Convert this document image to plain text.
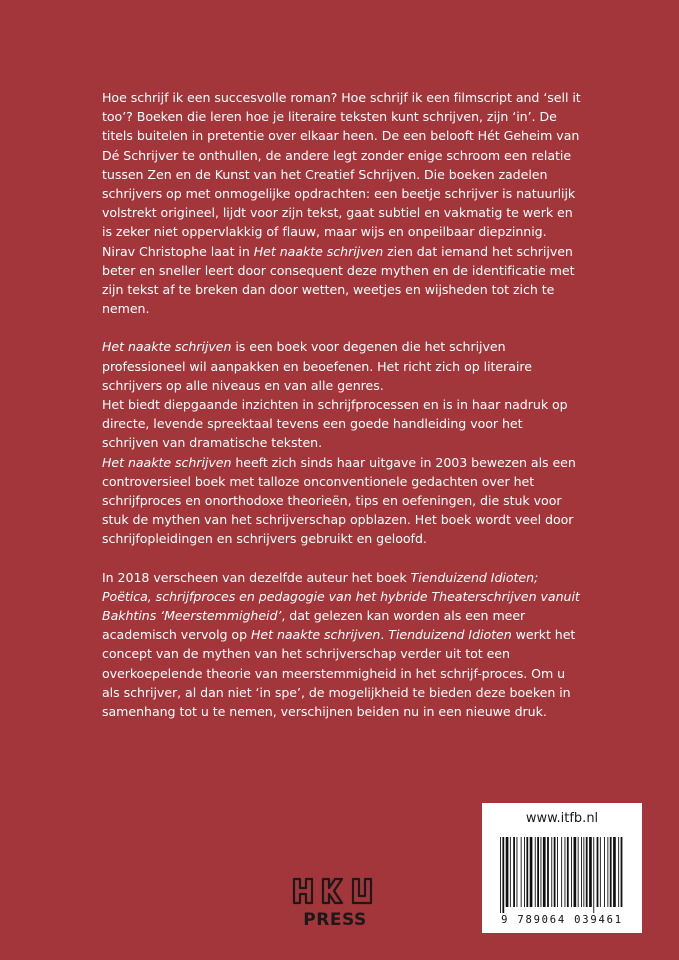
Hoe schrijf ik een succesvolle roman? Hoe schrijf ik een filmscript and ‘sell it too’? Boeken die leren hoe je literaire teksten kunt schrijven, zijn ‘in’. De titels buitelen in pretentie over elkaar heen. De een belooft Hét Geheim van Dé Schrijver te onthullen, de andere legt zonder enige schroom een relatie tussen Zen en de Kunst van het Creatief Schrijven. Die boeken zadelen schrijvers op met onmogelijke opdrachten: een beetje schrijver is natuurlijk volstrekt origineel, lijdt voor zijn tekst, gaat subtiel en vakmatig te werk en is zeker niet oppervlakkig of flauw, maar wijs en onpeilbaar diepzinnig.
Nirav Christophe laat in Het naakte schrijven zien dat iemand het schrijven beter en sneller leert door consequent deze mythen en de identificatie met zijn tekst af te breken dan door wetten, weetjes en wijsheden tot zich te nemen.

Het naakte schrijven is een boek voor degenen die het schrijven professioneel wil aanpakken en beoefenen. Het richt zich op literaire schrijvers op alle niveaus en van alle genres.
Het biedt diepgaande inzichten in schrijfprocessen en is in haar nadruk op directe, levende spreektaal tevens een goede handleiding voor het schrijven van dramatische teksten.
Het naakte schrijven heeft zich sinds haar uitgave in 2003 bewezen als een controversieel boek met talloze onconventionele gedachten over het schrijfproces en onorthodoxe theorieën, tips en oefeningen, die stuk voor stuk de mythen van het schrijverschap opblazen. Het boek wordt veel door schrijfopleidingen en schrijvers gebruikt en geloofd.

In 2018 verscheen van dezelfde auteur het boek Tienduizend Idioten; Poëtica, schrijfproces en pedagogie van het hybride Theaterschrijven vanuit Bakhtins ‘Meerstemmigheid’, dat gelezen kan worden als een meer academisch vervolg op Het naakte schrijven. Tienduizend Idioten werkt het concept van de mythen van het schrijverschap verder uit tot een overkoepelende theorie van meerstemmigheid in het schrijf-proces. Om u als schrijver, al dan niet ‘in spe’, de mogelijkheid te bieden deze boeken in samenhang tot u te nemen, verschijnen beiden nu in een nieuwe druk.

PRESS
www.itfb.nl
9 789064 039461
